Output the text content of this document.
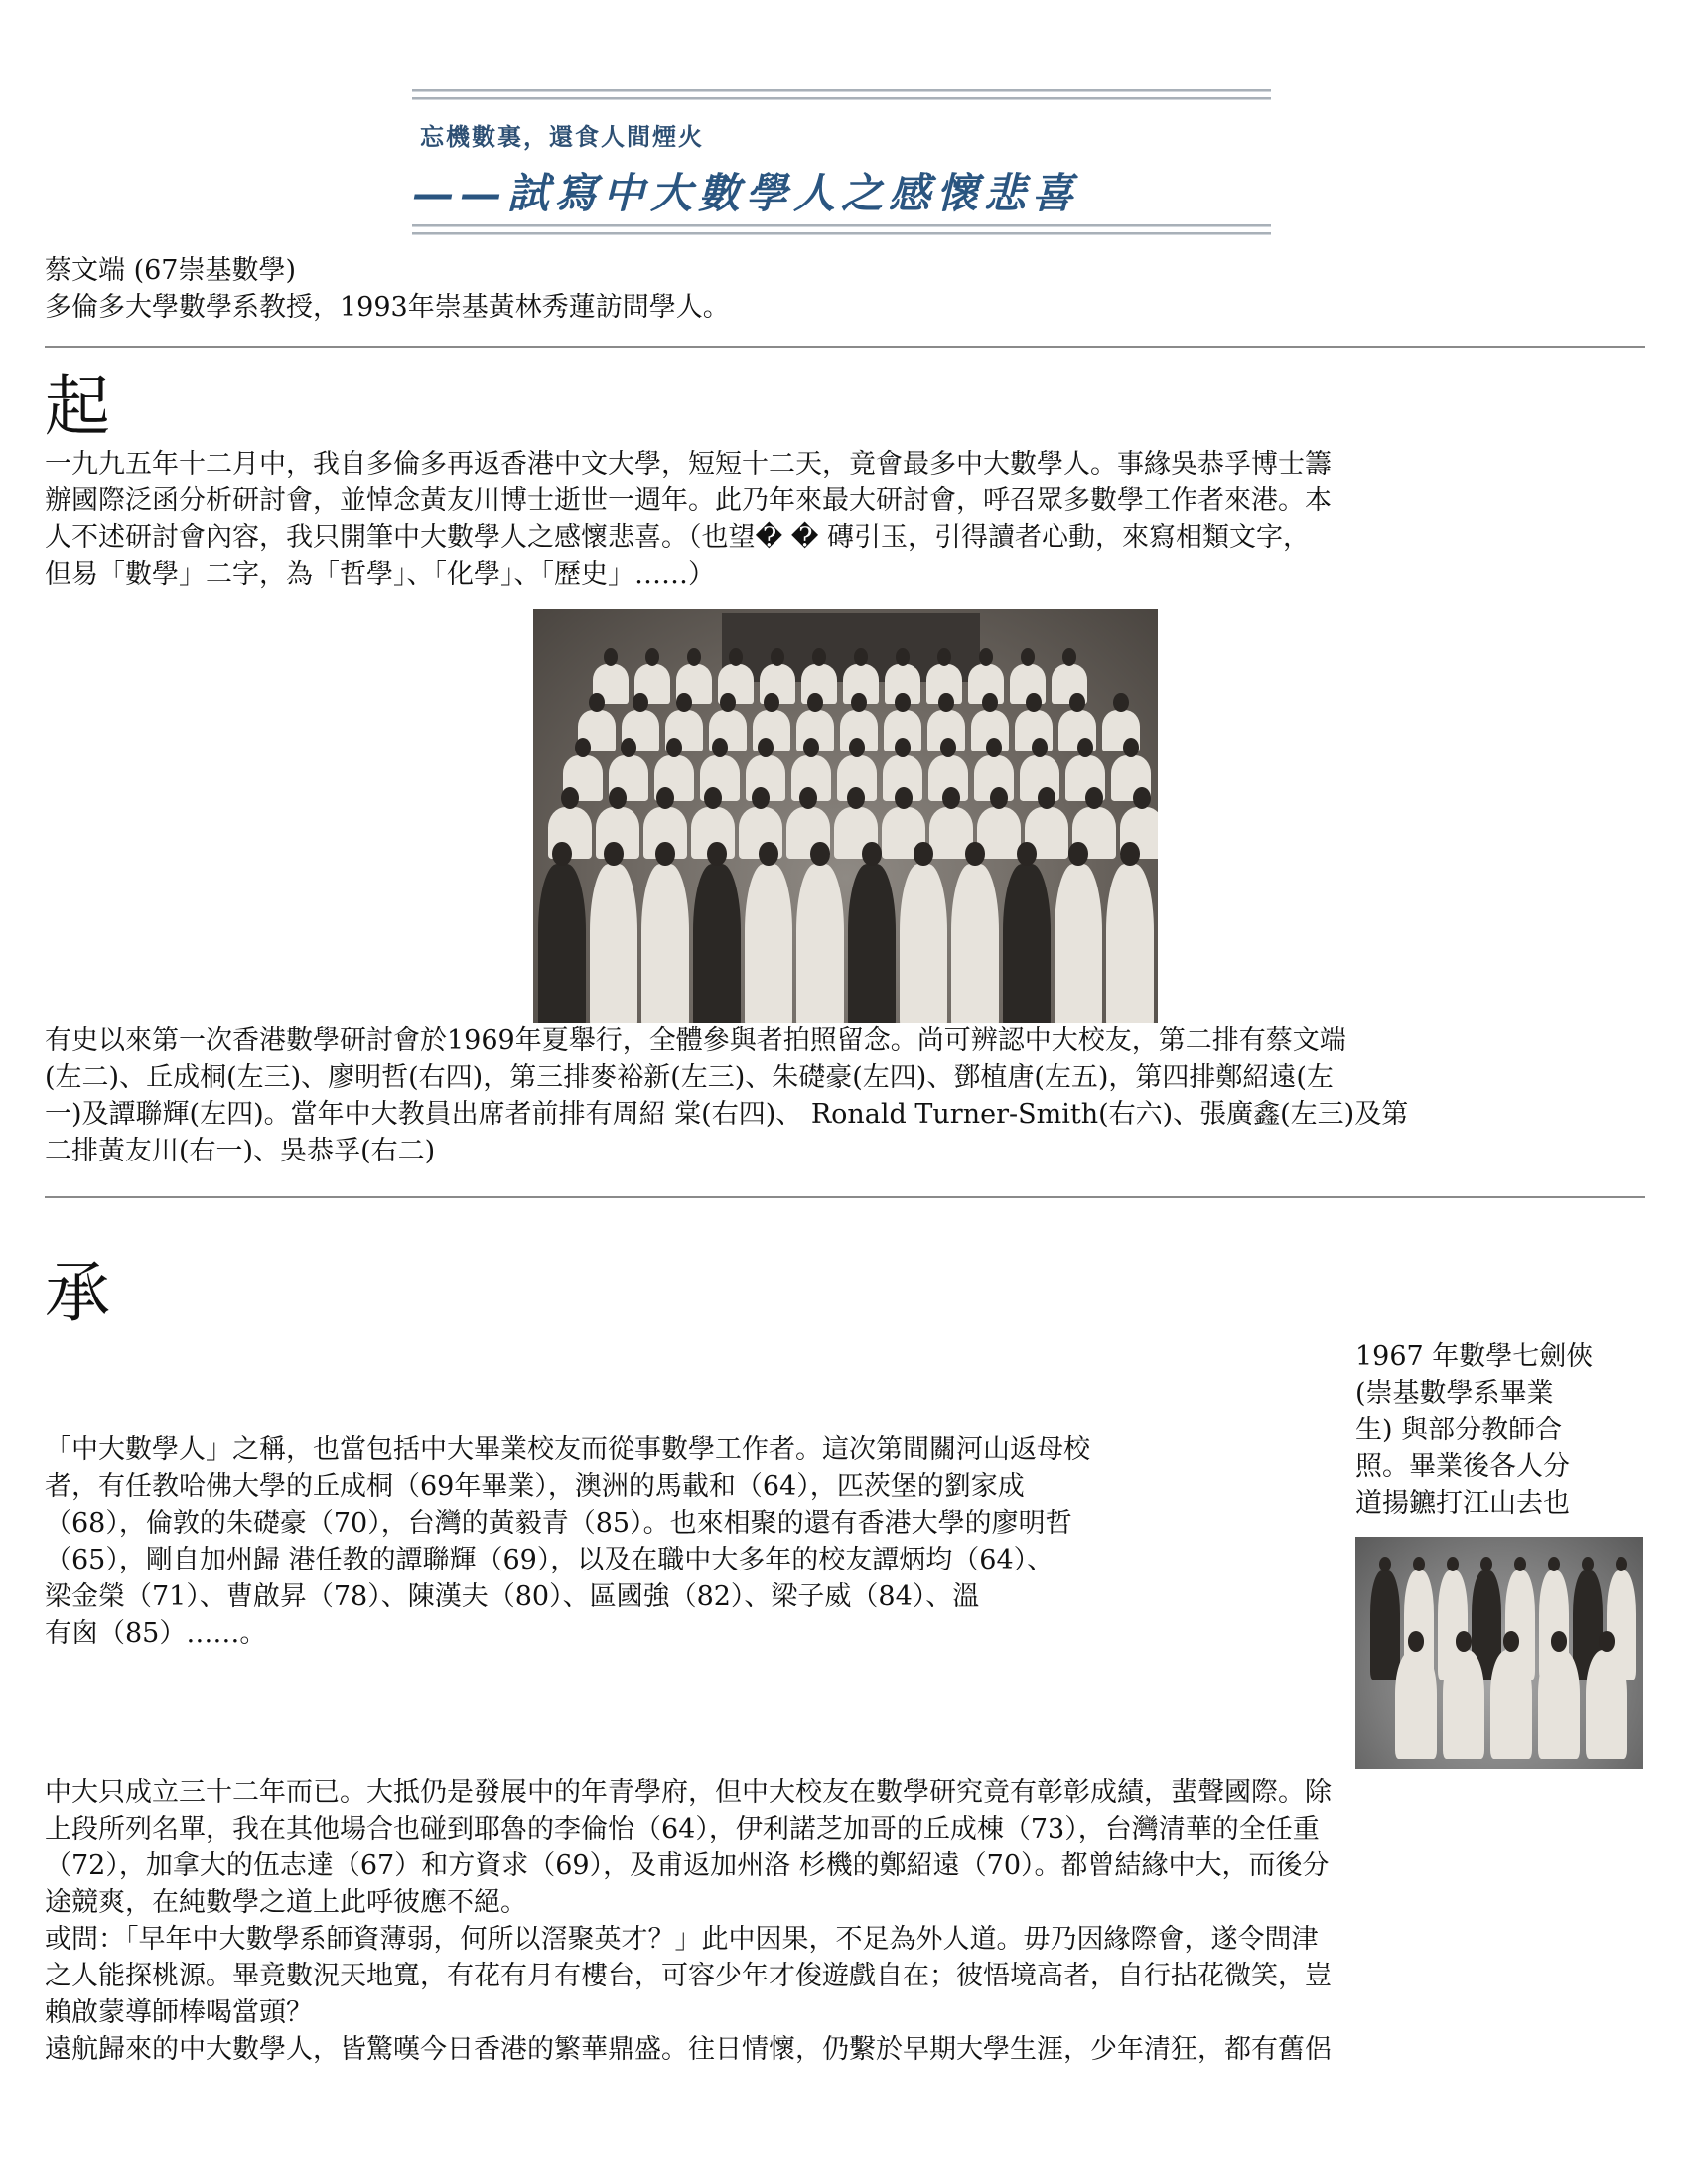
忘機數裏，還食人間煙火
——試寫中大數學人之感懷悲喜
蔡文端 (67崇基數學)
多倫多大學數學系教授，1993年崇基黃林秀蓮訪問學人。
起
一九九五年十二月中，我自多倫多再返香港中文大學，短短十二天，竟會最多中大數學人。事緣吳恭孚博士籌
辦國際泛函分析研討會，並悼念黃友川博士逝世一週年。此乃年來最大研討會，呼召眾多數學工作者來港。本
人不述研討會內容，我只開筆中大數學人之感懷悲喜。（也望� � 磚引玉，引得讀者心動，來寫相類文字，
但易「數學」二字，為「哲學」、「化學」、「歷史」……）
有史以來第一次香港數學研討會於1969年夏舉行，全體參與者拍照留念。尚可辨認中大校友，第二排有蔡文端
(左二)、丘成桐(左三)、廖明哲(右四)，第三排麥裕新(左三)、朱礎豪(左四)、鄧植唐(左五)，第四排鄭紹遠(左
一)及譚聯輝(左四)。當年中大教員出席者前排有周紹 棠(右四)、 Ronald Turner-Smith(右六)、張廣鑫(左三)及第
二排黃友川(右一)、吳恭孚(右二)
承
1967 年數學七劍俠
(崇基數學系畢業
生) 與部分教師合
照。畢業後各人分
道揚鑣打江山去也
「中大數學人」之稱，也當包括中大畢業校友而從事數學工作者。這次第間關河山返母校
者，有任教哈佛大學的丘成桐（69年畢業），澳洲的馬載和（64），匹茨堡的劉家成
（68），倫敦的朱礎豪（70），台灣的黃毅青（85）。也來相聚的還有香港大學的廖明哲
（65），剛自加州歸 港任教的譚聯輝（69），以及在職中大多年的校友譚炳均（64）、
梁金榮（71）、曹啟昇（78）、陳漢夫（80）、區國強（82）、梁子威（84）、溫
有囪（85）……。
中大只成立三十二年而已。大抵仍是發展中的年青學府，但中大校友在數學研究竟有彰彰成績，蜚聲國際。除
上段所列名單，我在其他場合也碰到耶魯的李倫怡（64），伊利諾芝加哥的丘成棟（73），台灣清華的全任重
（72），加拿大的伍志達（67）和方資求（69），及甫返加州洛 杉機的鄭紹遠（70）。都曾結緣中大，而後分
途競爽，在純數學之道上此呼彼應不絕。
或問：「早年中大數學系師資薄弱，何所以滘聚英才？」此中因果，不足為外人道。毋乃因緣際會，遂令問津
之人能探桃源。畢竟數況天地寬，有花有月有樓台，可容少年才俊遊戲自在；彼悟境高者，自行拈花微笑，豈
賴啟蒙導師棒喝當頭？
遠航歸來的中大數學人，皆驚嘆今日香港的繁華鼎盛。往日情懷，仍繫於早期大學生涯，少年清狂，都有舊侶
